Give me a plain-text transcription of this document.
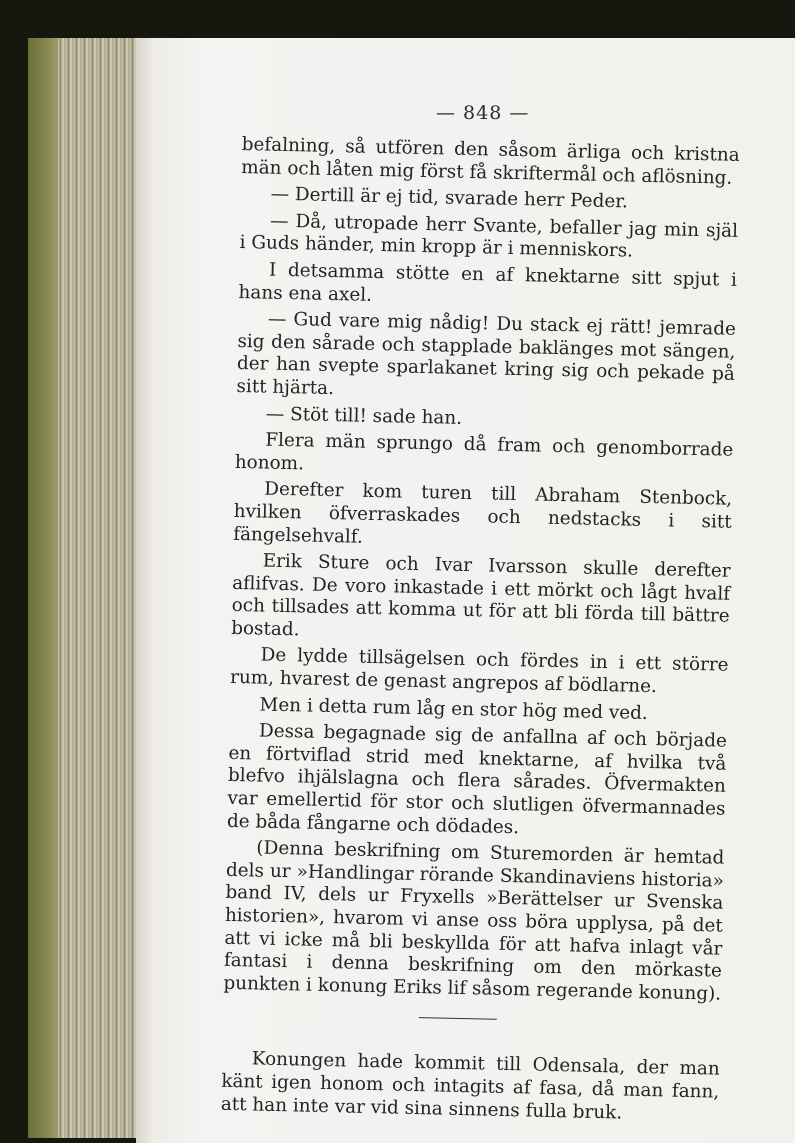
— 848 —

befalning, så utfören den såsom ärliga och kristna män och låten mig först få skriftermål och aflösning.

— Dertill är ej tid, svarade herr Peder.

— Då, utropade herr Svante, befaller jag min själ i Guds händer, min kropp är i menniskors.

I detsamma stötte en af knektarne sitt spjut i hans ena axel.

— Gud vare mig nådig! Du stack ej rätt! jemrade sig den sårade och stapplade baklänges mot sängen, der han svepte sparlakanet kring sig och pekade på sitt hjärta.

— Stöt till! sade han.

Flera män sprungo då fram och genomborrade honom.

Derefter kom turen till Abraham Stenbock, hvilken öfverraskades och nedstacks i sitt fängelsehvalf.

Erik Sture och Ivar Ivarsson skulle derefter aflifvas. De voro inkastade i ett mörkt och lågt hvalf och tillsades att komma ut för att bli förda till bättre bostad.

De lydde tillsägelsen och fördes in i ett större rum, hvarest de genast angrepos af bödlarne.

Men i detta rum låg en stor hög med ved.

Dessa begagnade sig de anfallna af och började en förtviflad strid med knektarne, af hvilka två blefvo ihjälslagna och flera sårades. Öfvermakten var emellertid för stor och slutligen öfvermannades de båda fångarne och dödades.

(Denna beskrifning om Sturemorden är hemtad dels ur »Handlingar rörande Skandinaviens historia» band IV, dels ur Fryxells »Berättelser ur Svenska historien», hvarom vi anse oss böra upplysa, på det att vi icke må bli beskyllda för att hafva inlagt vår fantasi i denna beskrifning om den mörkaste punkten i konung Eriks lif såsom regerande konung).

Konungen hade kommit till Odensala, der man känt igen honom och intagits af fasa, då man fann, att han inte var vid sina sinnens fulla bruk.
